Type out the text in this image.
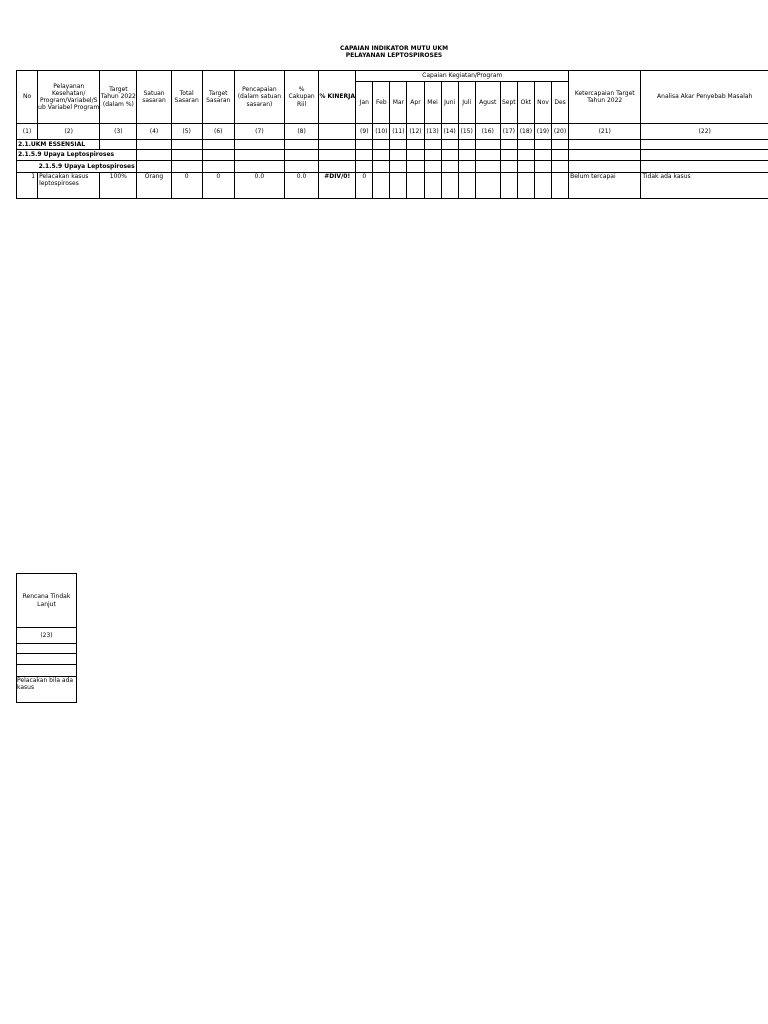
CAPAIAN INDIKATOR MUTU UKM
PELAYANAN LEPTOSPIROSES
No	Pelayanan Kesehatan/ Program/Variabel/S ub Variabel Program	Target Tahun 2022 (dalam %)	Satuan sasaran	Total Sasaran	Target Sasaran	Pencapaian (dalam satuan sasaran)	% Cakupan Riil	% KINERJA	Capaian Kegiatan/Program												Ketercapaian Target Tahun 2022	Analisa Akar Penyebab Masalah
									Jan	Feb	Mar	Apr	Mei	Juni	Juli	Agust	Sept	Okt	Nov	Des		
(1)	(2)	(3)	(4)	(5)	(6)	(7)	(8)		(9)	(10)	(11)	(12)	(13)	(14)	(15)	(16)	(17)	(18)	(19)	(20)	(21)	(22)
2.1.UKM ESSENSIAL																						
2.1.5.9 Upaya Leptospiroses																						
	2.1.5.9 Upaya Leptospiroses																					
1	Pelacakan kasus leptospiroses	100%	Orang	0	0	0.0	0.0	#DIV/0!	0												Belum tercapai	Tidak ada kasus
Rencana Tindak Lanjut
(23)

Pelacakan bila ada kasus
